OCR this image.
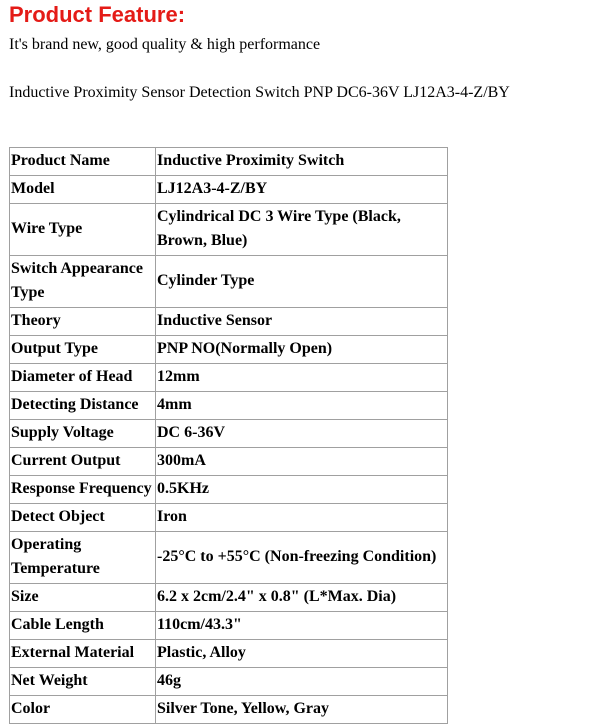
Product Feature:
It's brand new, good quality & high performance
Inductive Proximity Sensor Detection Switch PNP DC6-36V LJ12A3-4-Z/BY
Product Name	Inductive Proximity Switch
Model	LJ12A3-4-Z/BY
Wire Type	Cylindrical DC 3 Wire Type (Black, Brown, Blue)
Switch Appearance Type	Cylinder Type
Theory	Inductive Sensor
Output Type	PNP NO(Normally Open)
Diameter of Head	12mm
Detecting Distance	4mm
Supply Voltage	DC 6-36V
Current Output	300mA
Response Frequency	0.5KHz
Detect Object	Iron
Operating Temperature	-25°C to +55°C (Non-freezing Condition)
Size	6.2 x 2cm/2.4" x 0.8" (L*Max. Dia)
Cable Length	110cm/43.3"
External Material	Plastic, Alloy
Net Weight	46g
Color	Silver Tone, Yellow, Gray
